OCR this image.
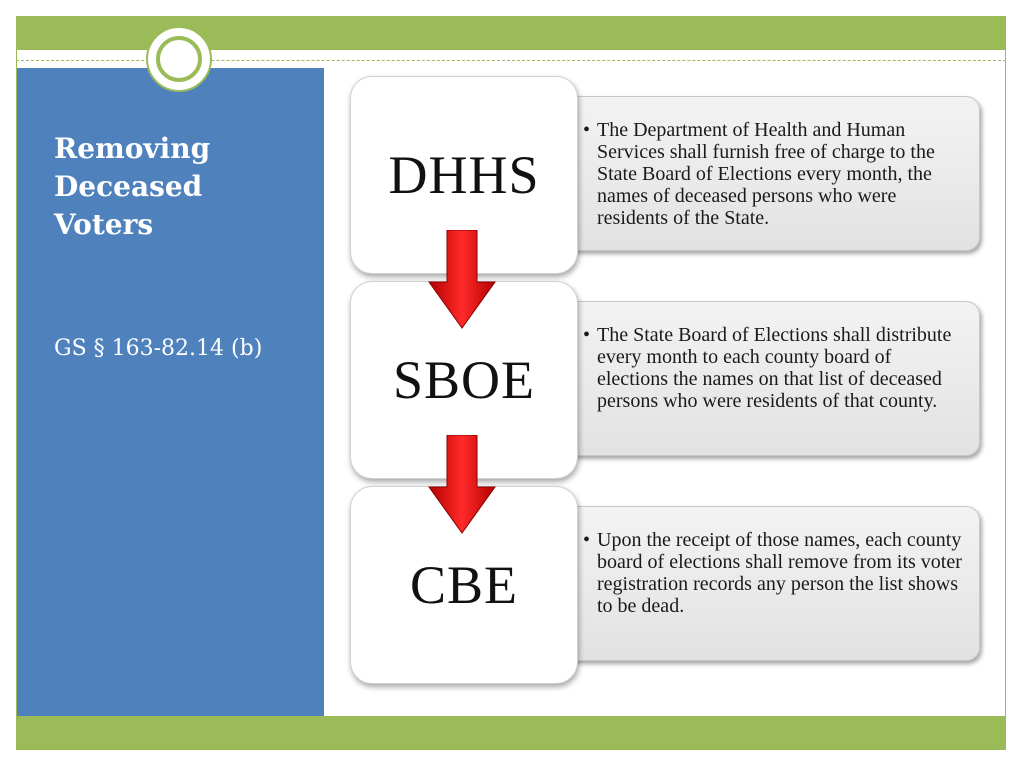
Removing Deceased Voters
GS § 163-82.14 (b)
• The Department of Health and Human Services shall furnish free of charge to the State Board of Elections every month, the names of deceased persons who were residents of the State.
DHHS
• The State Board of Elections shall distribute every month to each county board of elections the names on that list of deceased persons who were residents of that county.
SBOE
• Upon the receipt of those names, each county board of elections shall remove from its voter registration records any person the list shows to be dead.
CBE
